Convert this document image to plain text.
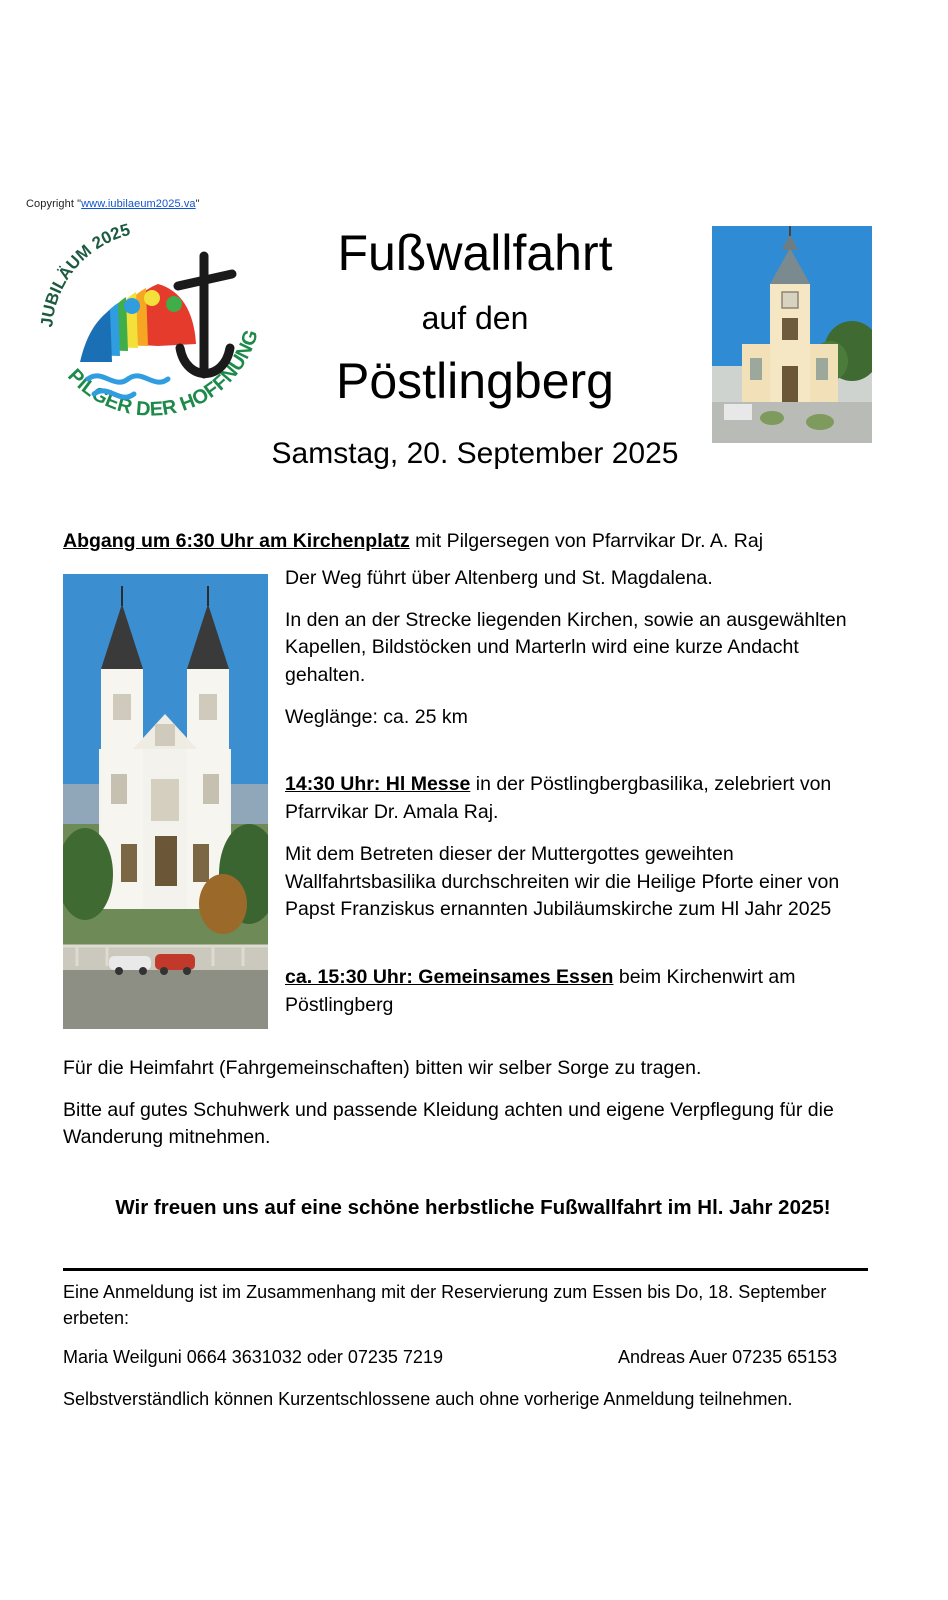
Copyright "www.iubilaeum2025.va"
JUBILÄUM 2025
PILGER DER HOFFNUNG
Fußwallfahrt
auf den
Pöstlingberg
Samstag, 20. September 2025
Abgang um 6:30 Uhr am Kirchenplatz mit Pilgersegen von Pfarrvikar Dr. A. Raj

Der Weg führt über Altenberg und St. Magdalena.

In den an der Strecke liegenden Kirchen, sowie an ausgewählten Kapellen, Bildstöcken und Marterln wird eine kurze Andacht gehalten.

Weglänge: ca. 25 km

14:30 Uhr: Hl Messe in der Pöstlingbergbasilika, zelebriert von Pfarrvikar Dr. Amala Raj.

Mit dem Betreten dieser der Muttergottes geweihten Wallfahrtsbasilika durchschreiten wir die Heilige Pforte einer von Papst Franziskus ernannten Jubiläumskirche zum Hl Jahr 2025

ca. 15:30 Uhr: Gemeinsames Essen beim Kirchenwirt am Pöstlingberg

Für die Heimfahrt (Fahrgemeinschaften) bitten wir selber Sorge zu tragen.

Bitte auf gutes Schuhwerk und passende Kleidung achten und eigene Verpflegung für die Wanderung mitnehmen.

Wir freuen uns auf eine schöne herbstliche Fußwallfahrt im Hl. Jahr 2025!

Eine Anmeldung ist im Zusammenhang mit der Reservierung zum Essen bis Do, 18. September erbeten:

Maria Weilguni 0664 3631032 oder 07235 7219	Andreas Auer 07235 65153

Selbstverständlich können Kurzentschlossene auch ohne vorherige Anmeldung teilnehmen.
